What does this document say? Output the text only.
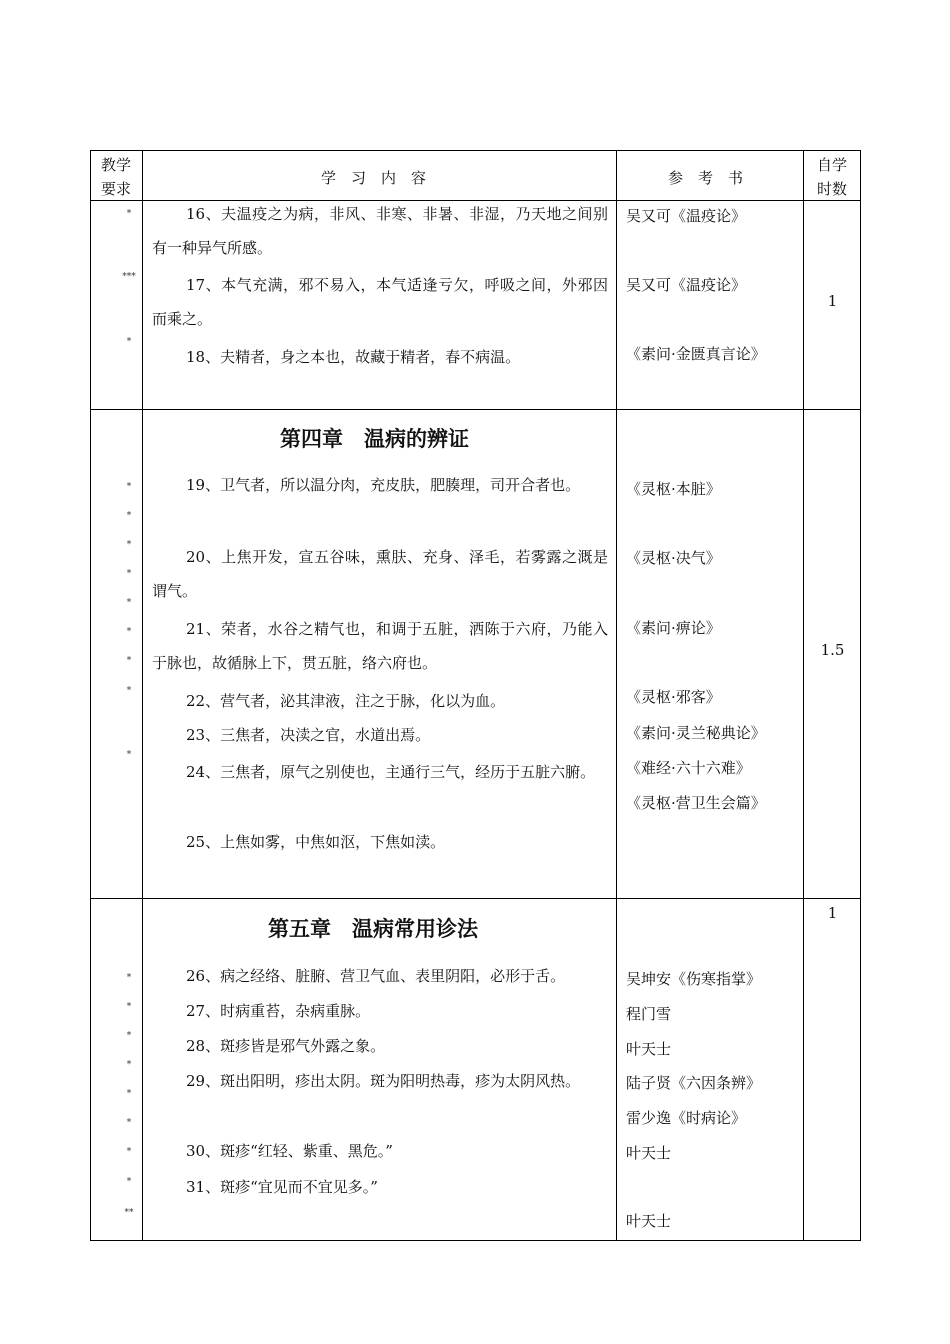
教学
要求
学　习　内　容	参　考　书
自学
时数
*
***
*
16、夫温疫之为病，非风、非寒、非暑、非湿，乃天地之间别有一种异气所感。
17、本气充满，邪不易入，本气适逢亏欠，呼吸之间，外邪因而乘之。
18、夫精者，身之本也，故藏于精者，春不病温。
吴又可《温疫论》
吴又可《温疫论》
《素问·金匮真言论》
1
第四章　温病的辨证
*
*
*
*
*
*
*
*
*
19、卫气者，所以温分肉，充皮肤，肥腠理，司开合者也。
20、上焦开发，宣五谷味，熏肤、充身、泽毛，若雾露之溉是谓气。
21、荣者，水谷之精气也，和调于五脏，洒陈于六府，乃能入于脉也，故循脉上下，贯五脏，络六府也。
22、营气者，泌其津液，注之于脉，化以为血。
23、三焦者，决渎之官，水道出焉。
24、三焦者，原气之别使也，主通行三气，经历于五脏六腑。
25、上焦如雾，中焦如沤，下焦如渎。
《灵枢·本脏》
《灵枢·决气》
《素问·痹论》
《灵枢·邪客》
《素问·灵兰秘典论》
《难经·六十六难》
《灵枢·营卫生会篇》
1.5
第五章　温病常用诊法
*
*
*
*
*
*
*
*
**
26、病之经络、脏腑、营卫气血、表里阴阳，必形于舌。
27、时病重苔，杂病重脉。
28、斑疹皆是邪气外露之象。
29、斑出阳明，疹出太阴。斑为阳明热毒，疹为太阴风热。
30、斑疹“红轻、紫重、黑危。”
31、斑疹“宜见而不宜见多。”
吴坤安《伤寒指掌》
程门雪
叶天士
陆子贤《六因条辨》
雷少逸《时病论》
叶天士
叶天士
1
